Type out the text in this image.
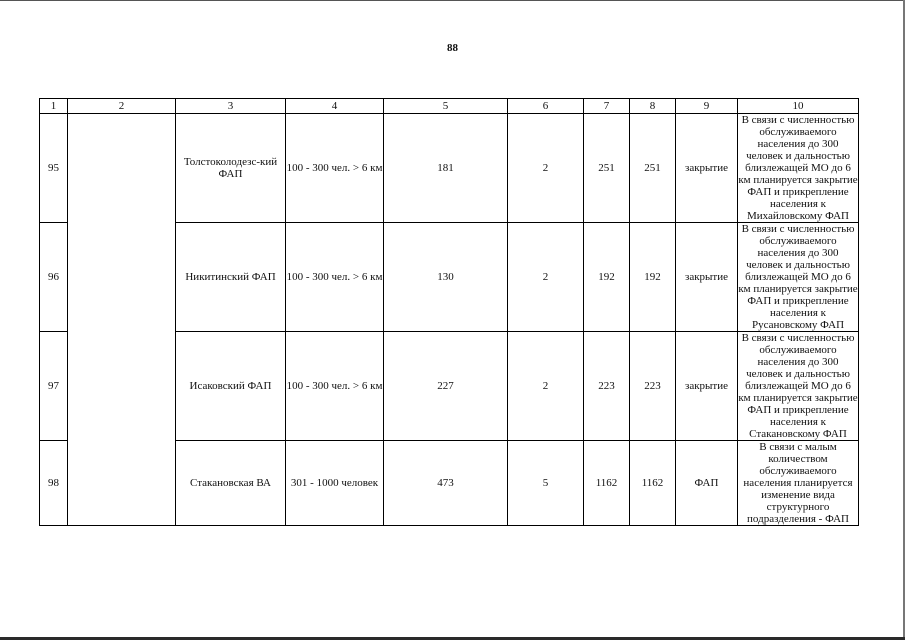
88
1	2	3	4	5	6	7	8	9	10
95		Толстоколодезс-кий ФАП	100 - 300 чел. > 6 км	181	2	251	251	закрытие	В связи с численностью обслуживаемого населения до 300 человек и дальностью близлежащей МО до 6 км планируется закрытие ФАП и прикрепление населения к Михайловскому ФАП
96		Никитинский ФАП	100 - 300 чел. > 6 км	130	2	192	192	закрытие	В связи с численностью обслуживаемого населения до 300 человек и дальностью близлежащей МО до 6 км планируется закрытие ФАП и прикрепление населения к Русановскому ФАП
97		Исаковский ФАП	100 - 300 чел. > 6 км	227	2	223	223	закрытие	В связи с численностью обслуживаемого населения до 300 человек и дальностью близлежащей МО до 6 км планируется закрытие ФАП и прикрепление населения к Стакановскому ФАП
98		Стакановская ВА	301 - 1000 человек	473	5	1162	1162	ФАП	В связи с малым количеством обслуживаемого населения планируется изменение вида структурного подразделения - ФАП
